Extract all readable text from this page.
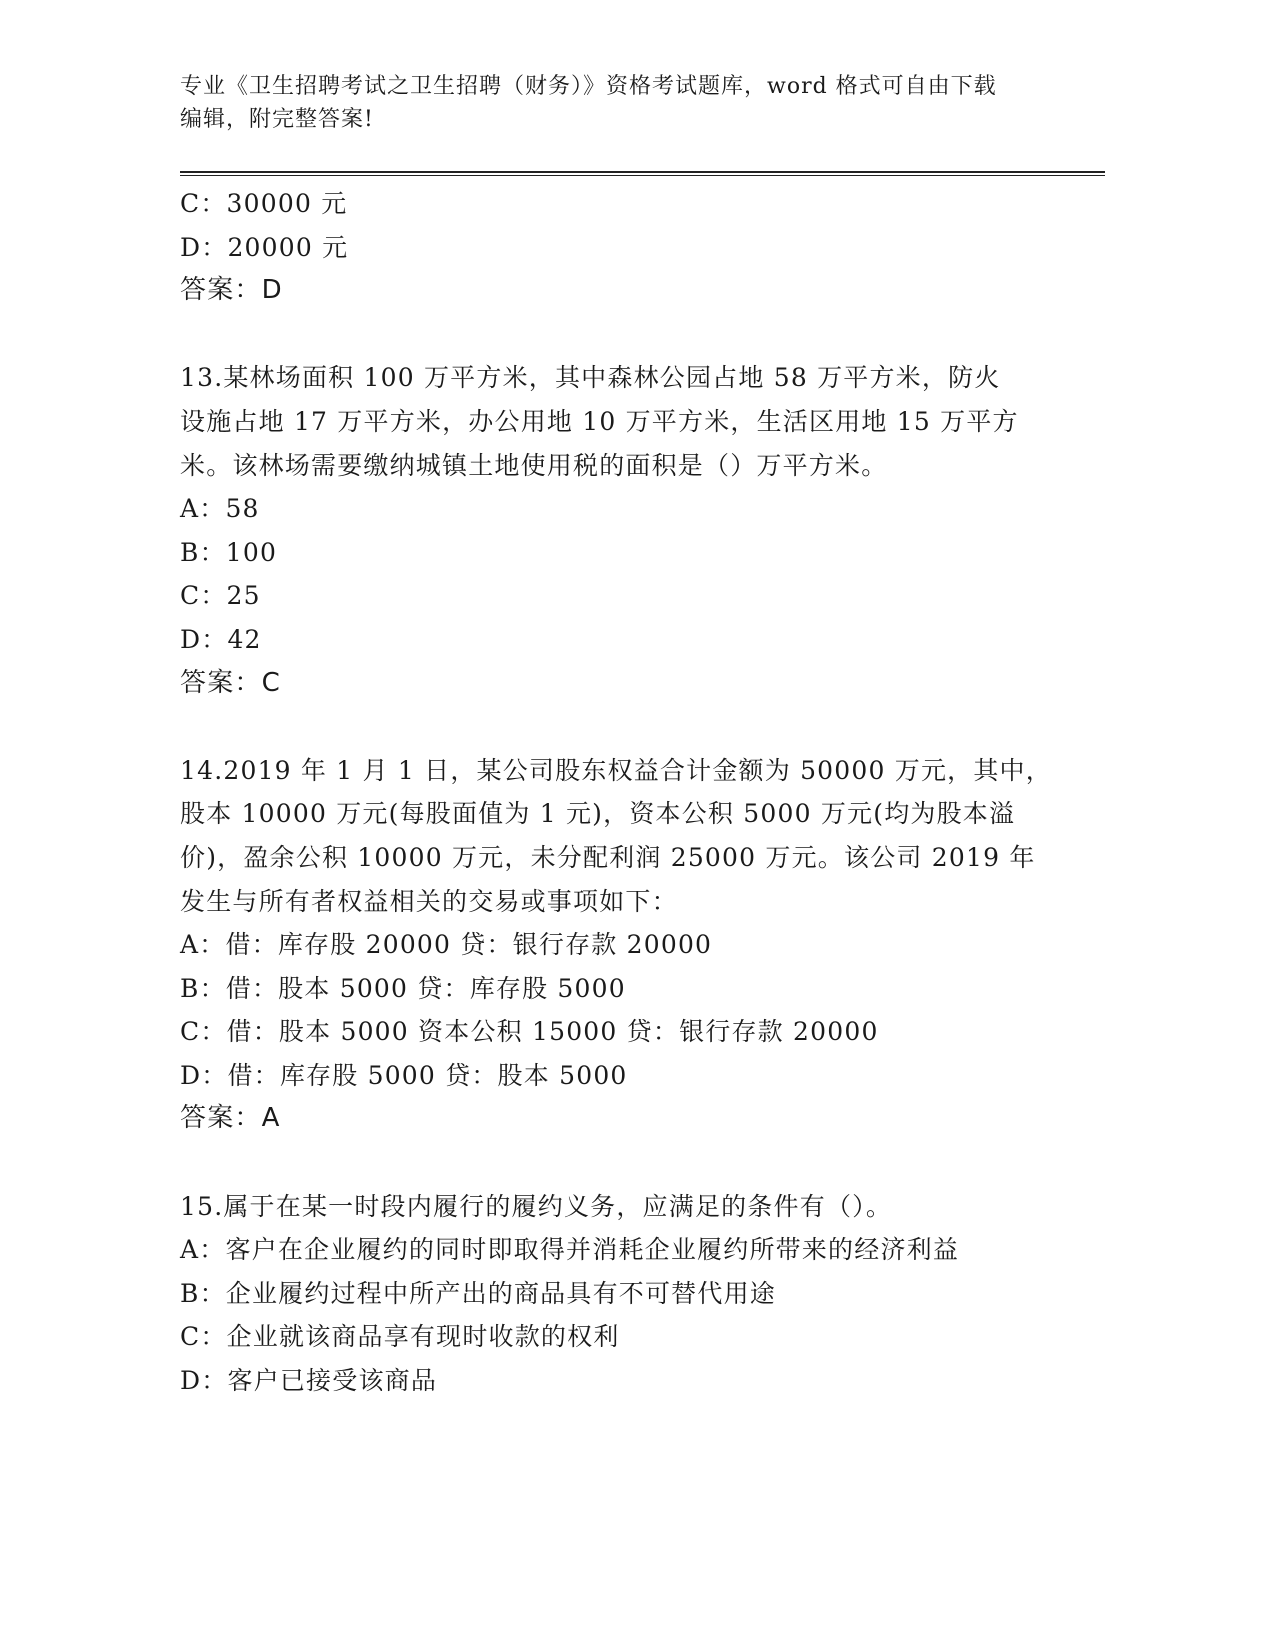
专业《卫生招聘考试之卫生招聘（财务）》资格考试题库，word 格式可自由下载
编辑，附完整答案!
C：30000 元
D：20000 元
答案：D
13.某林场面积 100 万平方米，其中森林公园占地 58 万平方米，防火
设施占地 17 万平方米，办公用地 10 万平方米，生活区用地 15 万平方
米。该林场需要缴纳城镇土地使用税的面积是（）万平方米。
A：58
B：100
C：25
D：42
答案：C
14.2019 年 1 月 1 日，某公司股东权益合计金额为 50000 万元，其中，
股本 10000 万元(每股面值为 1 元)，资本公积 5000 万元(均为股本溢
价)，盈余公积 10000 万元，未分配利润 25000 万元。该公司 2019 年
发生与所有者权益相关的交易或事项如下：
A：借：库存股 20000 贷：银行存款 20000
B：借：股本 5000 贷：库存股 5000
C：借：股本 5000 资本公积 15000 贷：银行存款 20000
D：借：库存股 5000 贷：股本 5000
答案：A
15.属于在某一时段内履行的履约义务，应满足的条件有（）。
A：客户在企业履约的同时即取得并消耗企业履约所带来的经济利益
B：企业履约过程中所产出的商品具有不可替代用途
C：企业就该商品享有现时收款的权利
D：客户已接受该商品
